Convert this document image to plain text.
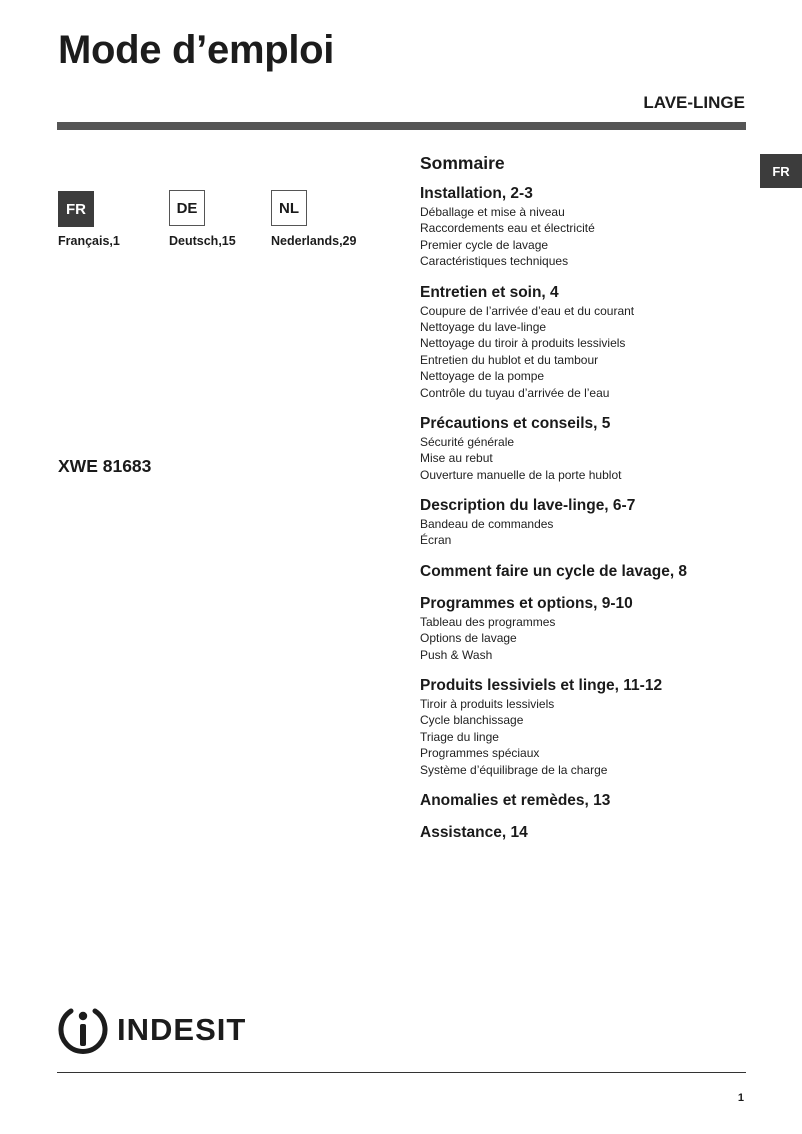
Mode d’emploi
LAVE-LINGE
FR
FR
Français,1
DE
Deutsch,15
NL
Nederlands,29
XWE 81683
Sommaire
Installation, 2-3
Déballage et mise à niveau
Raccordements eau et électricité
Premier cycle de lavage
Caractéristiques techniques
Entretien et soin, 4
Coupure de l’arrivée d’eau et du courant
Nettoyage du lave-linge
Nettoyage du tiroir à produits lessiviels
Entretien du hublot et du tambour
Nettoyage de la pompe
Contrôle du tuyau d’arrivée de l’eau
Précautions et conseils, 5
Sécurité générale
Mise au rebut
Ouverture manuelle de la porte hublot
Description du lave-linge, 6-7
Bandeau de commandes
Écran
Comment faire un cycle de lavage, 8
Programmes et options, 9-10
Tableau des programmes
Options de lavage
Push & Wash
Produits lessiviels et linge, 11-12
Tiroir à produits lessiviels
Cycle blanchissage
Triage du linge
Programmes spéciaux
Système d’équilibrage de la charge
Anomalies et remèdes, 13
Assistance, 14
INDESIT
1
